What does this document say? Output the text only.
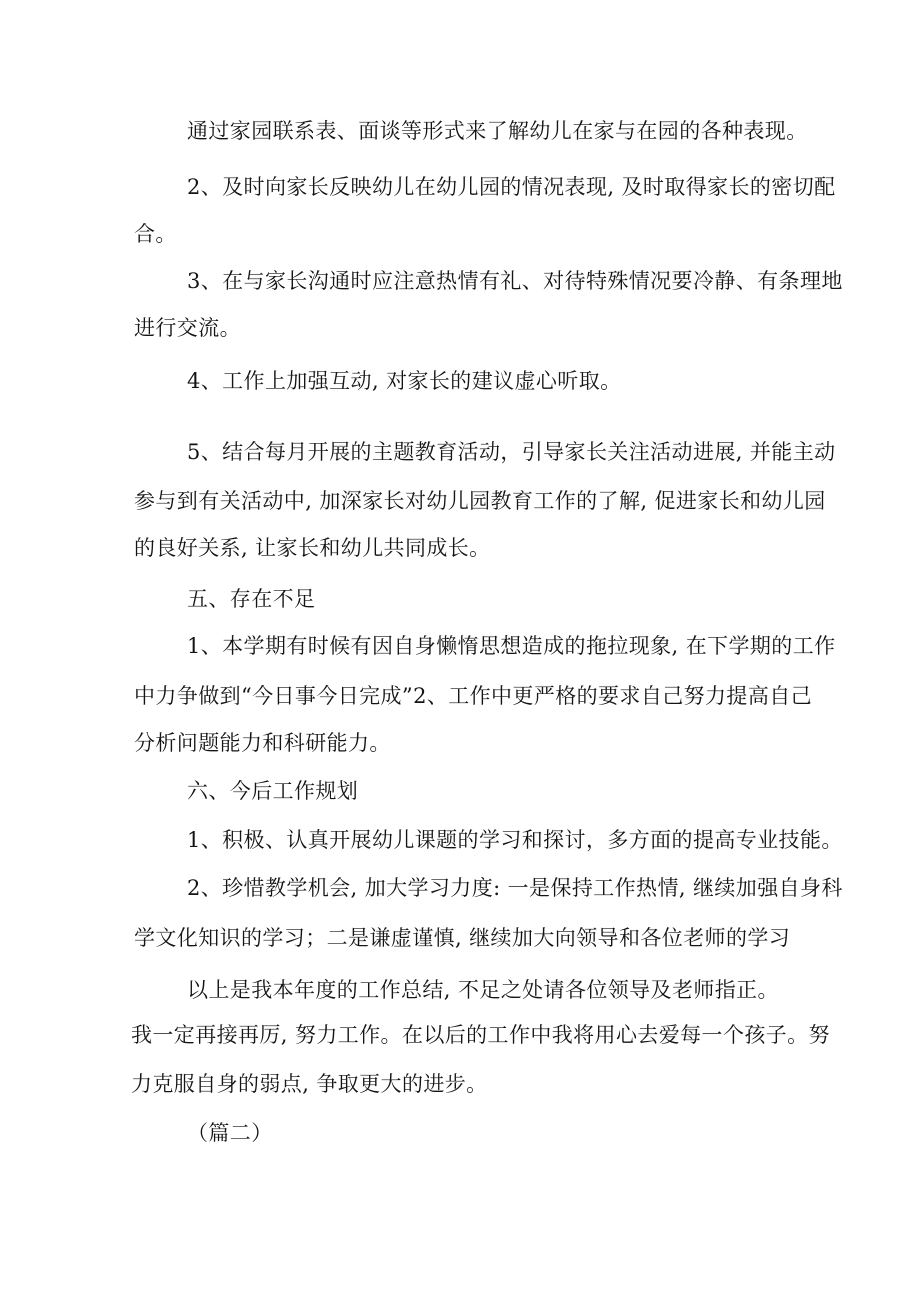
通过家园联系表、面谈等形式来了解幼儿在家与在园的各种表现。

2、及时向家长反映幼儿在幼儿园的情况表现, 及时取得家长的密切配

合。

3、在与家长沟通时应注意热情有礼、对待特殊情况要冷静、有条理地

进行交流。

4、工作上加强互动, 对家长的建议虚心听取。

5、结合每月开展的主题教育活动，引导家长关注活动进展, 并能主动

参与到有关活动中, 加深家长对幼儿园教育工作的了解, 促进家长和幼儿园

的良好关系, 让家长和幼儿共同成长。

五、存在不足

1、本学期有时候有因自身懒惰思想造成的拖拉现象, 在下学期的工作

中力争做到“今日事今日完成”2、工作中更严格的要求自己努力提高自己

分析问题能力和科研能力。

六、今后工作规划

1、积极、认真开展幼儿课题的学习和探讨，多方面的提高专业技能。

2、珍惜教学机会, 加大学习力度: 一是保持工作热情, 继续加强自身科

学文化知识的学习；二是谦虚谨慎, 继续加大向领导和各位老师的学习

以上是我本年度的工作总结, 不足之处请各位领导及老师指正。

我一定再接再厉, 努力工作。在以后的工作中我将用心去爱每一个孩子。努

力克服自身的弱点, 争取更大的进步。

（篇二）
